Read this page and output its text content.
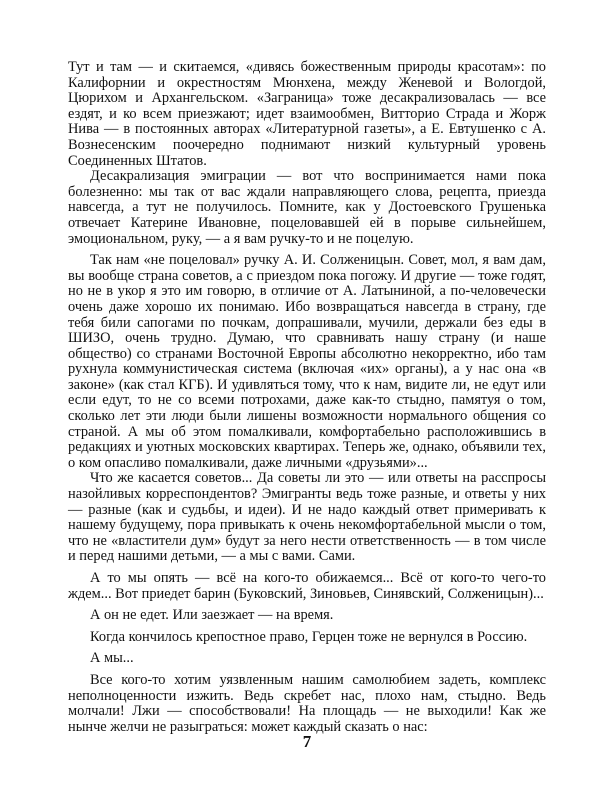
Тут и там — и скитаемся, «дивясь божественным природы красотам»: по Калифорнии и окрестностям Мюнхена, между Женевой и Вологдой, Цюрихом и Архангельском. «Заграница» тоже десакрализовалась — все ездят, и ко всем приезжают; идет взаимообмен, Витторио Страда и Жорж Нива — в постоянных авторах «Литературной газеты», а Е. Евтушенко с А. Вознесенским поочередно поднимают низкий культурный уровень Соединенных Штатов.

Десакрализация эмиграции — вот что воспринимается нами пока болезненно: мы так от вас ждали направляющего слова, рецепта, приезда навсегда, а тут не получилось. Помните, как у Достоевского Грушенька отвечает Катерине Ивановне, поцеловавшей ей в порыве сильнейшем, эмоциональном, руку, — а я вам ручку-то и не поцелую.

Так нам «не поцеловал» ручку А. И. Солженицын. Совет, мол, я вам дам, вы вообще страна советов, а с приездом пока погожу. И другие — тоже годят, но не в укор я это им говорю, в отличие от А. Латыниной, а по-человечески очень даже хорошо их понимаю. Ибо возвращаться навсегда в страну, где тебя били сапогами по почкам, допрашивали, мучили, держали без еды в ШИЗО, очень трудно. Думаю, что сравнивать нашу страну (и наше общество) со странами Восточной Европы абсолютно некорректно, ибо там рухнула коммунистическая система (включая «их» органы), а у нас она «в законе» (как стал КГБ). И удивляться тому, что к нам, видите ли, не едут или если едут, то не со всеми потрохами, даже как-то стыдно, памятуя о том, сколько лет эти люди были лишены возможности нормального общения со страной. А мы об этом помалкивали, комфортабельно расположившись в редакциях и уютных московских квартирах. Теперь же, однако, объявили тех, о ком опасливо помалкивали, даже личными «друзьями»...

Что же касается советов... Да советы ли это — или ответы на расспросы назойливых корреспондентов? Эмигранты ведь тоже разные, и ответы у них — разные (как и судьбы, и идеи). И не надо каждый ответ примеривать к нашему будущему, пора привыкать к очень некомфортабельной мысли о том, что не «властители дум» будут за него нести ответственность — в том числе и перед нашими детьми, — а мы с вами. Сами.

А то мы опять — всё на кого-то обижаемся... Всё от кого-то чего-то ждем... Вот приедет барин (Буковский, Зиновьев, Синявский, Солженицын)...

А он не едет. Или заезжает — на время.

Когда кончилось крепостное право, Герцен тоже не вернулся в Россию.

А мы...

Все кого-то хотим уязвленным нашим самолюбием задеть, комплекс неполноценности изжить. Ведь скребет нас, плохо нам, стыдно. Ведь молчали! Лжи — способствовали! На площадь — не выходили! Как же нынче желчи не разыграться: может каждый сказать о нас:

7
